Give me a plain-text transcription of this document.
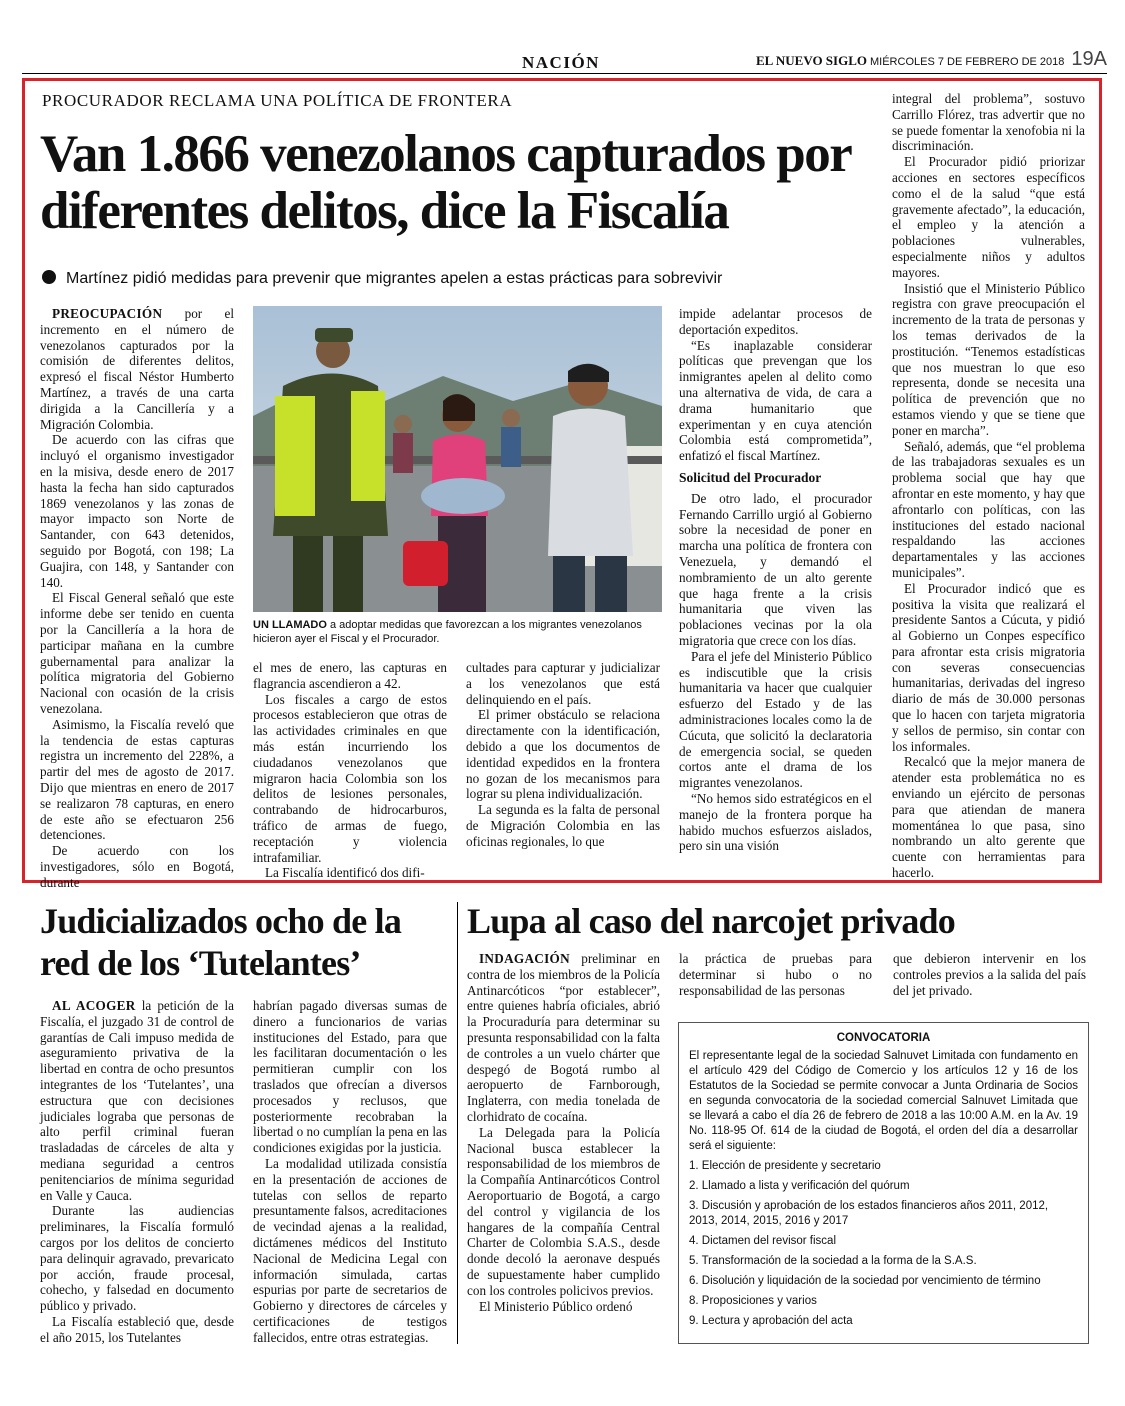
NACIÓN	EL NUEVO SIGLO MIÉRCOLES 7 DE FEBRERO DE 2018 19A
PROCURADOR RECLAMA UNA POLÍTICA DE FRONTERA
Van 1.866 venezolanos capturados por diferentes delitos, dice la Fiscalía
Martínez pidió medidas para prevenir que migrantes apelen a estas prácticas para sobrevivir

PREOCUPACIÓN por el incremento en el número de venezolanos capturados por la comisión de diferentes delitos, expresó el fiscal Néstor Humberto Martínez, a través de una carta dirigida a la Cancillería y a Migración Colombia.

De acuerdo con las cifras que incluyó el organismo investigador en la misiva, desde enero de 2017 hasta la fecha han sido capturados 1869 venezolanos y las zonas de mayor impacto son Norte de Santander, con 643 detenidos, seguido por Bogotá, con 198; La Guajira, con 148, y Santander con 140.

El Fiscal General señaló que este informe debe ser tenido en cuenta por la Cancillería a la hora de participar mañana en la cumbre gubernamental para analizar la política migratoria del Gobierno Nacional con ocasión de la crisis venezolana.

Asimismo, la Fiscalía reveló que la tendencia de estas capturas registra un incremento del 228%, a partir del mes de agosto de 2017. Dijo que mientras en enero de 2017 se realizaron 78 capturas, en enero de este año se efectuaron 256 detenciones.

De acuerdo con los investigadores, sólo en Bogotá, durante

UN LLAMADO a adoptar medidas que favorezcan a los migrantes venezolanos hicieron ayer el Fiscal y el Procurador.

el mes de enero, las capturas en flagrancia ascendieron a 42.

Los fiscales a cargo de estos procesos establecieron que otras de las actividades criminales en que más están incurriendo los ciudadanos venezolanos que migraron hacia Colombia son los delitos de lesiones personales, contrabando de hidrocarburos, tráfico de armas de fuego, receptación y violencia intrafamiliar.

La Fiscalía identificó dos difi-

cultades para capturar y judicializar a los venezolanos que está delinquiendo en el país.

El primer obstáculo se relaciona directamente con la identificación, debido a que los documentos de identidad expedidos en la frontera no gozan de los mecanismos para lograr su plena individualización.

La segunda es la falta de personal de Migración Colombia en las oficinas regionales, lo que

impide adelantar procesos de deportación expeditos.

“Es inaplazable considerar políticas que prevengan que los inmigrantes apelen al delito como una alternativa de vida, de cara a drama humanitario que experimentan y en cuya atención Colombia está comprometida”, enfatizó el fiscal Martínez.

Solicitud del Procurador

De otro lado, el procurador Fernando Carrillo urgió al Gobierno sobre la necesidad de poner en marcha una política de frontera con Venezuela, y demandó el nombramiento de un alto gerente que haga frente a la crisis humanitaria que viven las poblaciones vecinas por la ola migratoria que crece con los días.

Para el jefe del Ministerio Público es indiscutible que la crisis humanitaria va hacer que cualquier esfuerzo del Estado y de las administraciones locales como la de Cúcuta, que solicitó la declaratoria de emergencia social, se queden cortos ante el drama de los migrantes venezolanos.

“No hemos sido estratégicos en el manejo de la frontera porque ha habido muchos esfuerzos aislados, pero sin una visión

integral del problema”, sostuvo Carrillo Flórez, tras advertir que no se puede fomentar la xenofobia ni la discriminación.

El Procurador pidió priorizar acciones en sectores específicos como el de la salud “que está gravemente afectado”, la educación, el empleo y la atención a poblaciones vulnerables, especialmente niños y adultos mayores.

Insistió que el Ministerio Público registra con grave preocupación el incremento de la trata de personas y los temas derivados de la prostitución. “Tenemos estadísticas que nos muestran lo que eso representa, donde se necesita una política de prevención que no estamos viendo y que se tiene que poner en marcha”.

Señaló, además, que “el problema de las trabajadoras sexuales es un problema social que hay que afrontar en este momento, y hay que afrontarlo con políticas, con las instituciones del estado nacional respaldando las acciones departamentales y las acciones municipales”.

El Procurador indicó que es positiva la visita que realizará el presidente Santos a Cúcuta, y pidió al Gobierno un Conpes específico para afrontar esta crisis migratoria con severas consecuencias humanitarias, derivadas del ingreso diario de más de 30.000 personas que lo hacen con tarjeta migratoria y sellos de permiso, sin contar con los informales.

Recalcó que la mejor manera de atender esta problemática no es enviando un ejército de personas para que atiendan de manera momentánea lo que pasa, sino nombrando un alto gerente que cuente con herramientas para hacerlo.

Judicializados ocho de la red de los ‘Tutelantes’

AL ACOGER la petición de la Fiscalía, el juzgado 31 de control de garantías de Cali impuso medida de aseguramiento privativa de la libertad en contra de ocho presuntos integrantes de los ‘Tutelantes’, una estructura que con decisiones judiciales lograba que personas de alto perfil criminal fueran trasladadas de cárceles de alta y mediana seguridad a centros penitenciarios de mínima seguridad en Valle y Cauca.

Durante las audiencias preliminares, la Fiscalía formuló cargos por los delitos de concierto para delinquir agravado, prevaricato por acción, fraude procesal, cohecho, y falsedad en documento público y privado.

La Fiscalía estableció que, desde el año 2015, los Tutelantes

habrían pagado diversas sumas de dinero a funcionarios de varias instituciones del Estado, para que les facilitaran documentación o les permitieran cumplir con los traslados que ofrecían a diversos procesados y reclusos, que posteriormente recobraban la libertad o no cumplían la pena en las condiciones exigidas por la justicia.

La modalidad utilizada consistía en la presentación de acciones de tutelas con sellos de reparto presuntamente falsos, acreditaciones de vecindad ajenas a la realidad, dictámenes médicos del Instituto Nacional de Medicina Legal con información simulada, cartas espurias por parte de secretarios de Gobierno y directores de cárceles y certificaciones de testigos fallecidos, entre otras estrategias.

Lupa al caso del narcojet privado

INDAGACIÓN preliminar en contra de los miembros de la Policía Antinarcóticos “por establecer”, entre quienes habría oficiales, abrió la Procuraduría para determinar su presunta responsabilidad con la falta de controles a un vuelo chárter que despegó de Bogotá rumbo al aeropuerto de Farnborough, Inglaterra, con media tonelada de clorhidrato de cocaína.

La Delegada para la Policía Nacional busca establecer la responsabilidad de los miembros de la Compañía Antinarcóticos Control Aeroportuario de Bogotá, a cargo del control y vigilancia de los hangares de la compañía Central Charter de Colombia S.A.S., desde donde decoló la aeronave después de supuestamente haber cumplido con los controles policivos previos.

El Ministerio Público ordenó

la práctica de pruebas para determinar si hubo o no responsabilidad de las personas

que debieron intervenir en los controles previos a la salida del país del jet privado.

CONVOCATORIA
El representante legal de la sociedad Salnuvet Limitada con fundamento en el artículo 429 del Código de Comercio y los artículos 12 y 16 de los Estatutos de la Sociedad se permite convocar a Junta Ordinaria de Socios en segunda convocatoria de la sociedad comercial Salnuvet Limitada que se llevará a cabo el día 26 de febrero de 2018 a las 10:00 A.M. en la Av. 19 No. 118-95 Of. 614 de la ciudad de Bogotá, el orden del día a desarrollar será el siguiente:
1. Elección de presidente y secretario
2. Llamado a lista y verificación del quórum
3. Discusión y aprobación de los estados financieros años 2011, 2012, 2013, 2014, 2015, 2016 y 2017
4. Dictamen del revisor fiscal
5. Transformación de la sociedad a la forma de la S.A.S.
6. Disolución y liquidación de la sociedad por vencimiento de término
8. Proposiciones y varios
9. Lectura y aprobación del acta
